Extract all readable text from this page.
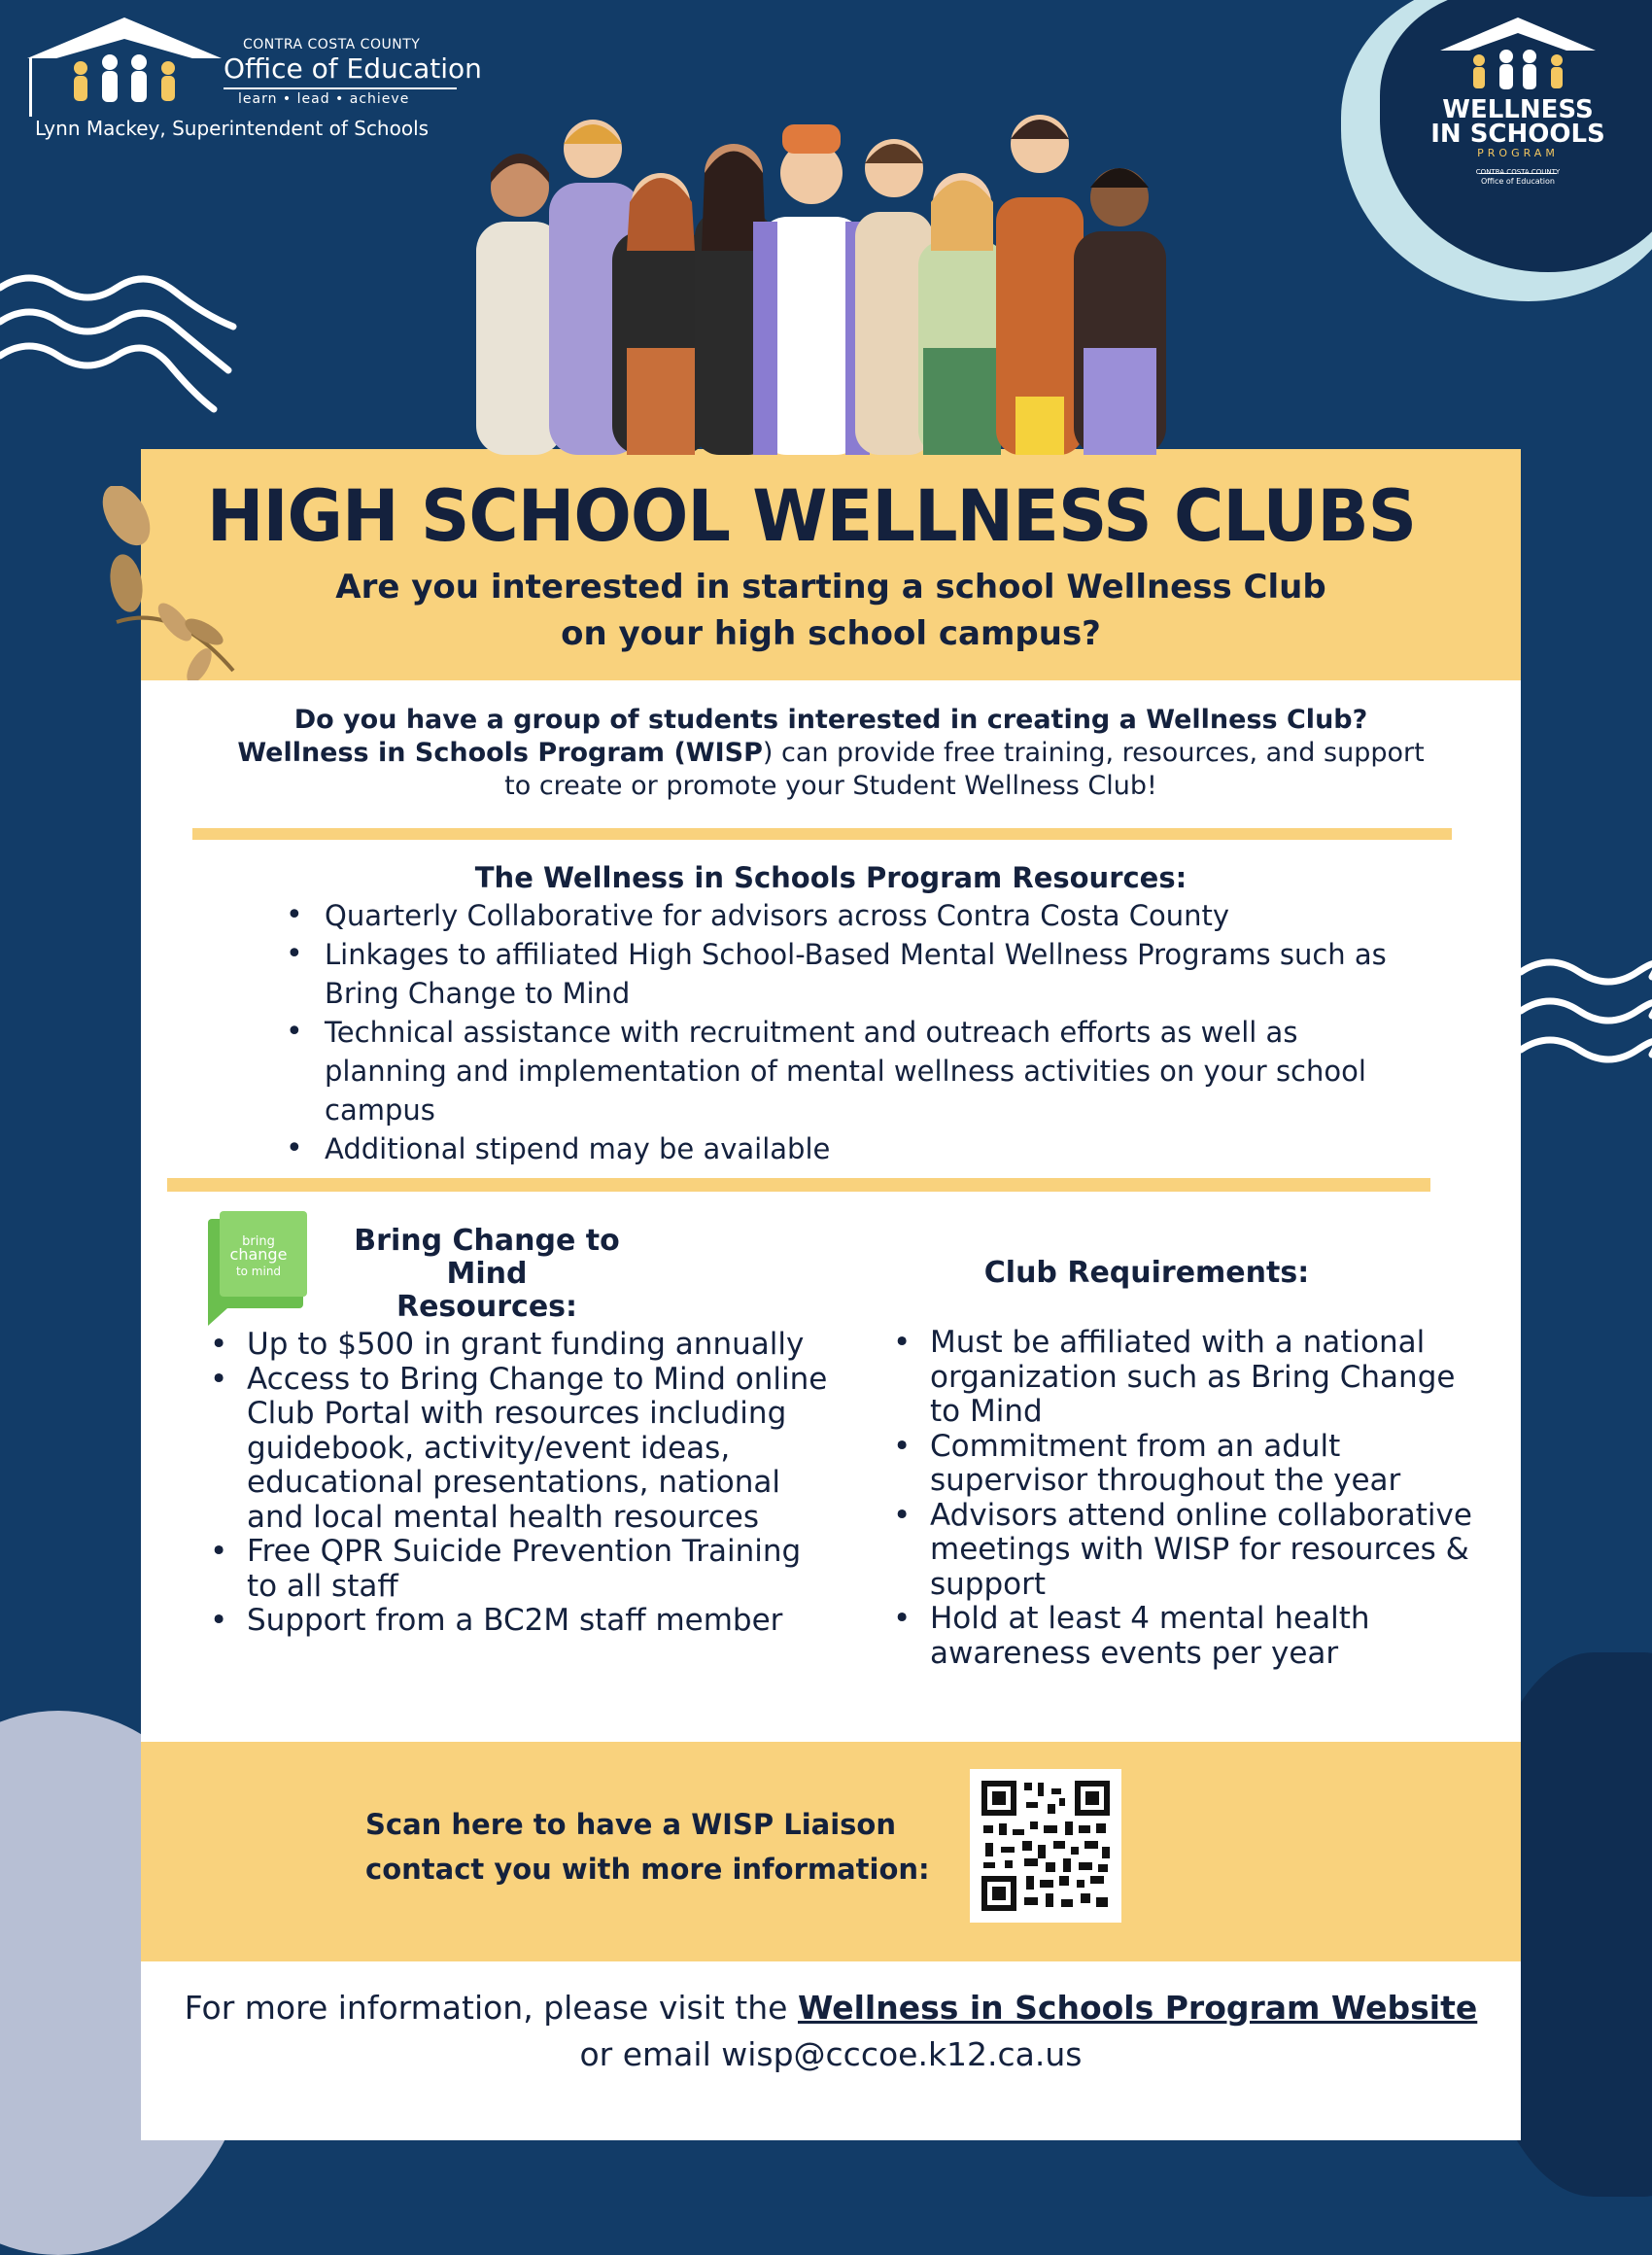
CONTRA COSTA COUNTY
Office of Education
learn • lead • achieve
Lynn Mackey, Superintendent of Schools
WELLNESS
IN SCHOOLS
PROGRAM
CONTRA COSTA COUNTY
Office of Education
HIGH SCHOOL WELLNESS CLUBS
Are you interested in starting a school Wellness Club
on your high school campus?
Do you have a group of students interested in creating a Wellness Club?
Wellness in Schools Program (WISP) can provide free training, resources, and support
to create or promote your Student Wellness Club!
The Wellness in Schools Program Resources:
• Quarterly Collaborative for advisors across Contra Costa County
• Linkages to affiliated High School-Based Mental Wellness Programs such as Bring Change to Mind
• Technical assistance with recruitment and outreach efforts as well as planning and implementation of mental wellness activities on your school campus
• Additional stipend may be available
bring
change
to mind
Bring Change to Mind
Resources:
• Up to $500 in grant funding annually
• Access to Bring Change to Mind online Club Portal with resources including guidebook, activity/event ideas, educational presentations, national and local mental health resources
• Free QPR Suicide Prevention Training to all staff
• Support from a BC2M staff member
Club Requirements:
• Must be affiliated with a national organization such as Bring Change to Mind
• Commitment from an adult supervisor throughout the year
• Advisors attend online collaborative meetings with WISP for resources & support
• Hold at least 4 mental health awareness events per year
Scan here to have a WISP Liaison
contact you with more information:
For more information, please visit the Wellness in Schools Program Website
or email wisp@cccoe.k12.ca.us
